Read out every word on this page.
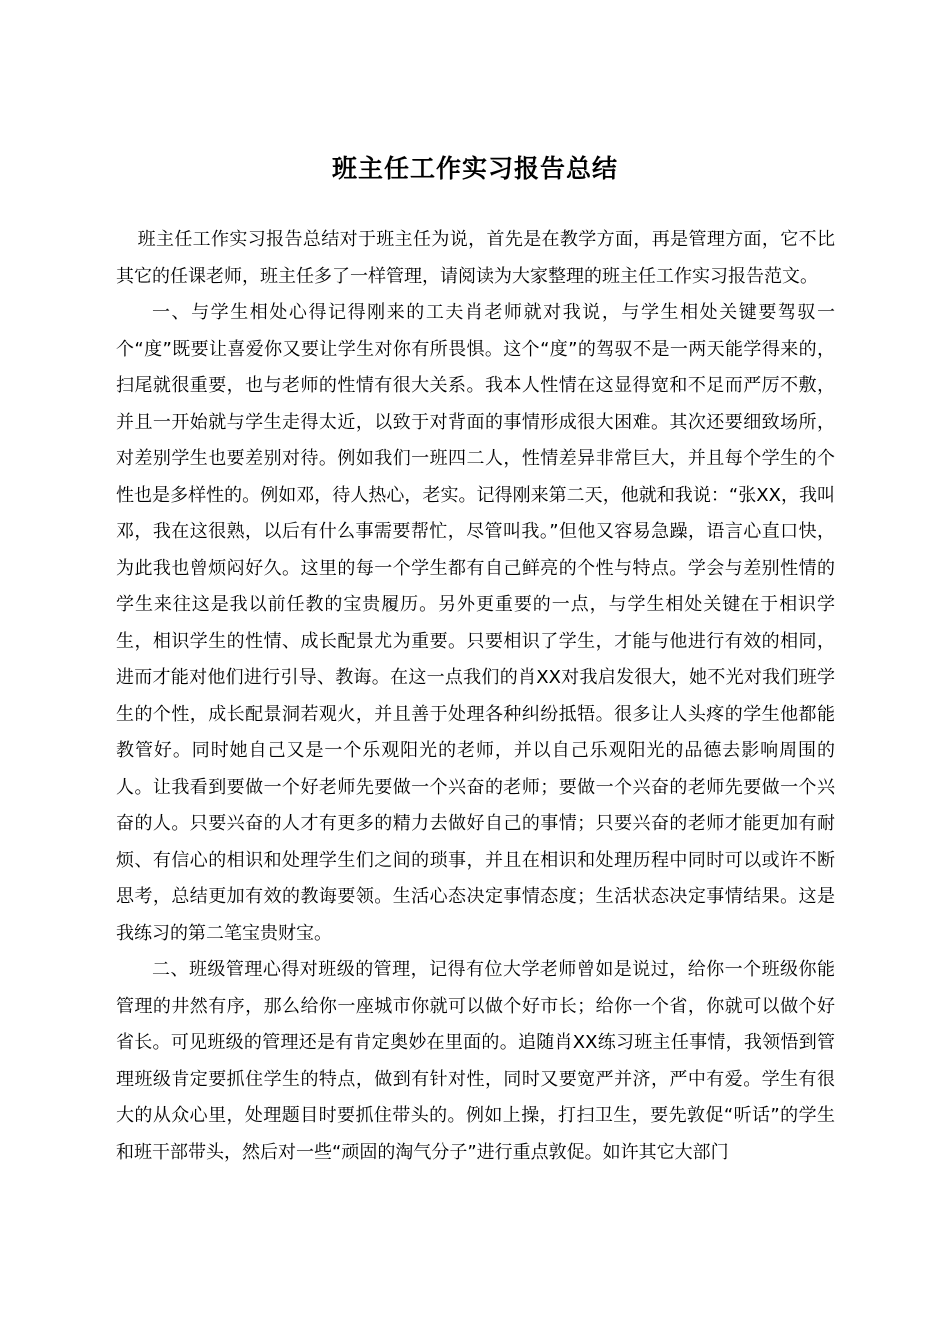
班主任工作实习报告总结

班主任工作实习报告总结对于班主任为说，首先是在教学方面，再是管理方面，它不比其它的任课老师，班主任多了一样管理，请阅读为大家整理的班主任工作实习报告范文。

一、与学生相处心得记得刚来的工夫肖老师就对我说，与学生相处关键要驾驭一个“度”既要让喜爱你又要让学生对你有所畏惧。这个“度”的驾驭不是一两天能学得来的，扫尾就很重要，也与老师的性情有很大关系。我本人性情在这显得宽和不足而严厉不敷，并且一开始就与学生走得太近，以致于对背面的事情形成很大困难。其次还要细致场所，对差别学生也要差别对待。例如我们一班四二人，性情差异非常巨大，并且每个学生的个性也是多样性的。例如邓，待人热心，老实。记得刚来第二天，他就和我说：“张XX，我叫邓，我在这很熟，以后有什么事需要帮忙，尽管叫我。”但他又容易急躁，语言心直口快，为此我也曾烦闷好久。这里的每一个学生都有自己鲜亮的个性与特点。学会与差别性情的学生来往这是我以前任教的宝贵履历。另外更重要的一点，与学生相处关键在于相识学生，相识学生的性情、成长配景尤为重要。只要相识了学生，才能与他进行有效的相同，进而才能对他们进行引导、教诲。在这一点我们的肖XX对我启发很大，她不光对我们班学生的个性，成长配景洞若观火，并且善于处理各种纠纷抵牾。很多让人头疼的学生他都能教管好。同时她自己又是一个乐观阳光的老师，并以自己乐观阳光的品德去影响周围的人。让我看到要做一个好老师先要做一个兴奋的老师；要做一个兴奋的老师先要做一个兴奋的人。只要兴奋的人才有更多的精力去做好自己的事情；只要兴奋的老师才能更加有耐烦、有信心的相识和处理学生们之间的琐事，并且在相识和处理历程中同时可以或许不断思考，总结更加有效的教诲要领。生活心态决定事情态度；生活状态决定事情结果。这是我练习的第二笔宝贵财宝。

二、班级管理心得对班级的管理，记得有位大学老师曾如是说过，给你一个班级你能管理的井然有序，那么给你一座城市你就可以做个好市长；给你一个省，你就可以做个好省长。可见班级的管理还是有肯定奥妙在里面的。追随肖XX练习班主任事情，我领悟到管理班级肯定要抓住学生的特点，做到有针对性，同时又要宽严并济，严中有爱。学生有很大的从众心里，处理题目时要抓住带头的。例如上操，打扫卫生，要先敦促“听话”的学生和班干部带头，然后对一些“顽固的淘气分子”进行重点敦促。如许其它大部门
